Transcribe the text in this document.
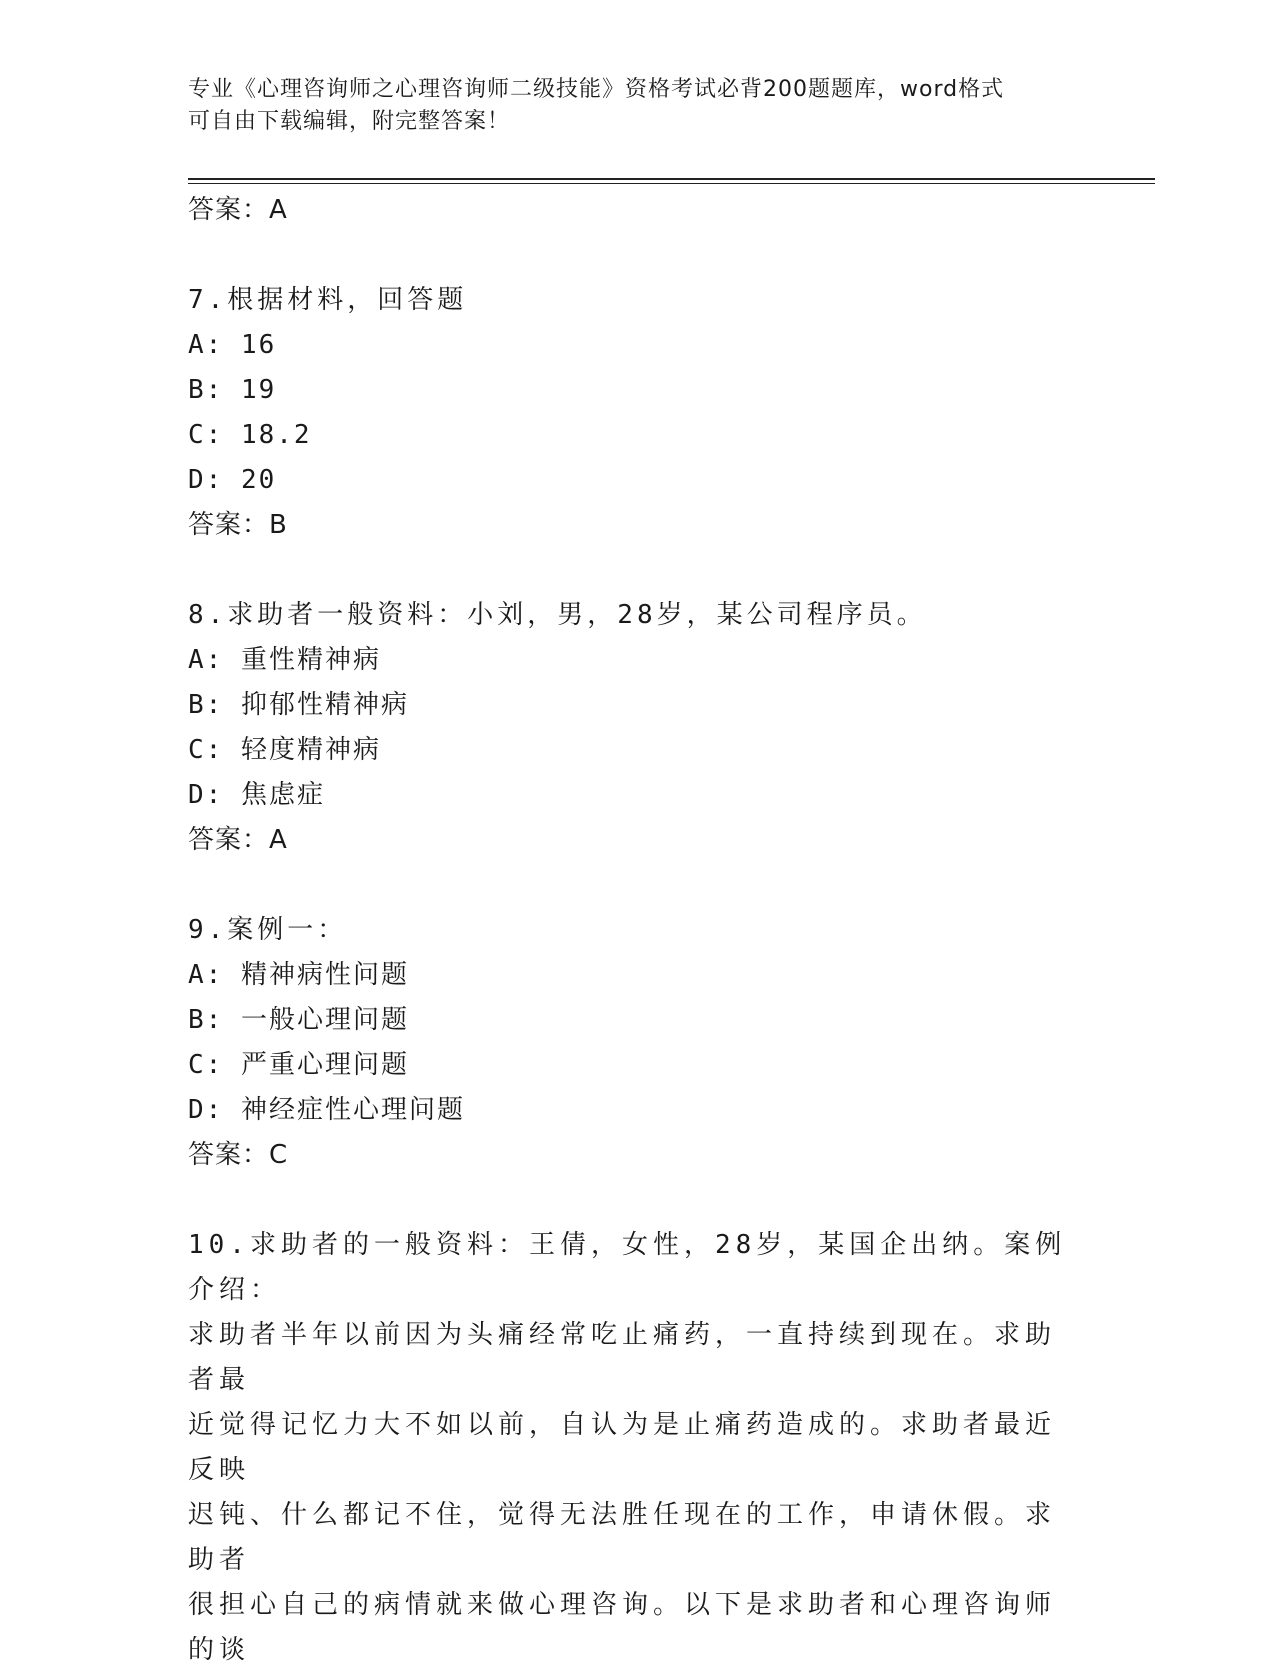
专业《心理咨询师之心理咨询师二级技能》资格考试必背200题题库，word格式
可自由下载编辑，附完整答案！
答案：A
7.根据材料，回答题
A: 16
B: 19
C: 18.2
D: 20
答案：B
8.求助者一般资料：小刘，男，28岁，某公司程序员。
A: 重性精神病
B: 抑郁性精神病
C: 轻度精神病
D: 焦虑症
答案：A
9.案例一：
A: 精神病性问题
B: 一般心理问题
C: 严重心理问题
D: 神经症性心理问题
答案：C
10.求助者的一般资料：王倩，女性，28岁，某国企出纳。案例介绍：
求助者半年以前因为头痛经常吃止痛药，一直持续到现在。求助者最
近觉得记忆力大不如以前，自认为是止痛药造成的。求助者最近反映
迟钝、什么都记不住，觉得无法胜任现在的工作，申请休假。求助者
很担心自己的病情就来做心理咨询。以下是求助者和心理咨询师的谈
